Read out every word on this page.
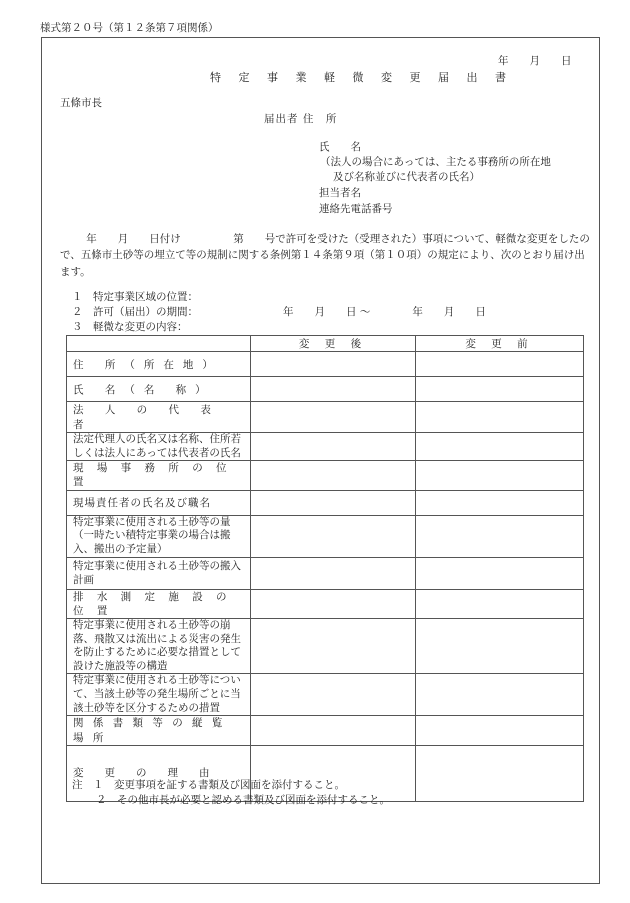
様式第２０号（第１２条第７項関係）
年　　月　　日
特 定 事 業 軽 微 変 更 届 出 書
五條市長
届出者 住　所
氏　　名
（法人の場合にあっては、主たる事務所の所在地
及び名称並びに代表者の氏名）
担当者名
連絡先電話番号
年　　月　　日付け　　　　　第　　号で許可を受けた（受理された）事項について、軽微な変更をしたので、五條市土砂等の埋立て等の規制に関する条例第１４条第９項（第１０項）の規定により、次のとおり届け出ます。
１　特定事業区域の位置：
２　許可（届出）の期間：	年　　月　　日 ～　　　　年　　月　　日
３　軽微な変更の内容：
	変 更 後	変 更 前
住 所（所在地）		
氏 名（名 称）		
法 人 の 代 表 者		
法定代理人の氏名又は名称、住所若しくは法人にあっては代表者の氏名		
現 場 事 務 所 の 位 置		
現場責任者の氏名及び職名		
特定事業に使用される土砂等の量（一時たい積特定事業の場合は搬入、搬出の予定量）		
特定事業に使用される土砂等の搬入計画		
排 水 測 定 施 設 の 位 置		
特定事業に使用される土砂等の崩落、飛散又は流出による災害の発生を防止するために必要な措置として設けた施設等の構造		
特定事業に使用される土砂等について、当該土砂等の発生場所ごとに当該土砂等を区分するための措置		
関 係 書 類 等 の 縦 覧 場 所		
変　　更　　の　　理　　由		
注　１　変更事項を証する書類及び図面を添付すること。
２　その他市長が必要と認める書類及び図面を添付すること。
